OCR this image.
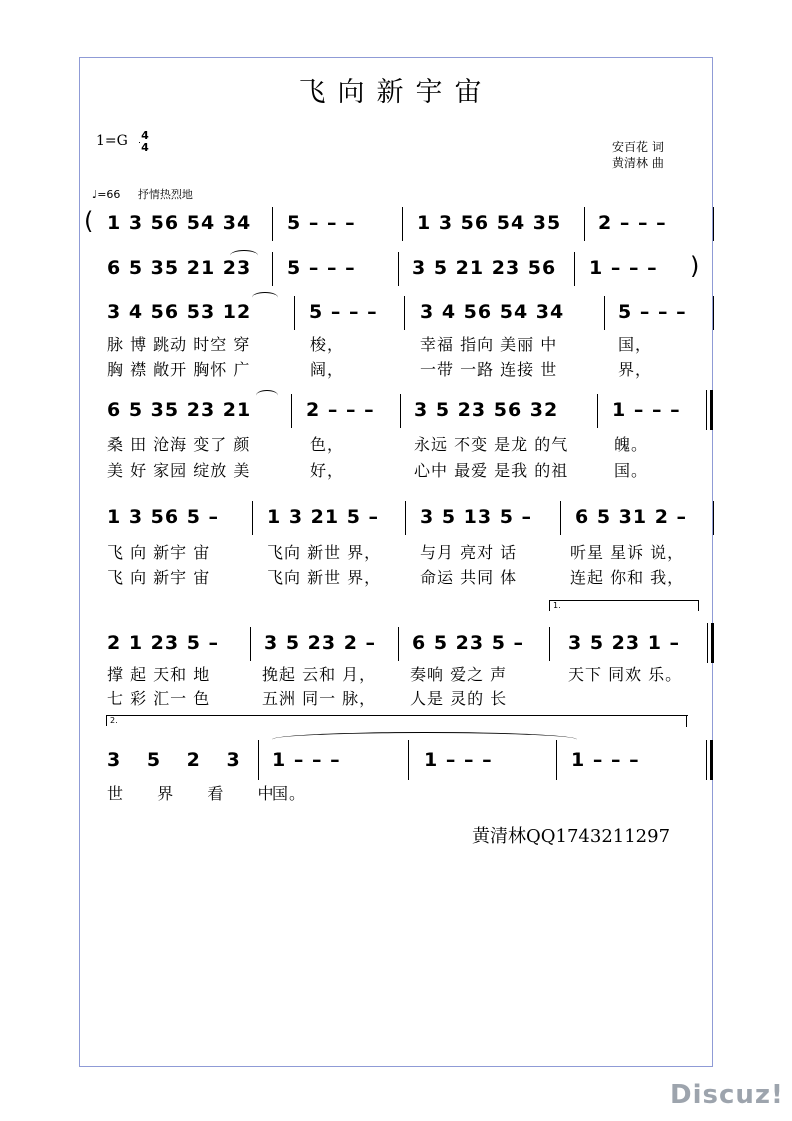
飞向新宇宙
1=G 4
4	安百花 词
黄清林 曲
♩=66 抒情热烈地
( 1 3 56 54 34 5 – – –	1 3 56 54 35 2 – – –
6 5 35 21 23 5 – – –	3 5 21 23 56 1 – – – )
3 4 56 53 12	5 – – – 3 4 56 54 34	5 – – –
脉 博 跳动 时空 穿	梭，	幸福 指向 美丽 中	国，
胸 襟 敞开 胸怀 广	阔，	一带 一路 连接 世	界，
6 5 35 23 21	2 – – – 3 5 23 56 32	1 – – –
桑 田 沧海 变了 颜	色，	永远 不变 是龙 的气	魄。
美 好 家园 绽放 美	好，	心中 最爱 是我 的祖	国。
1 3 56 5 –	1 3 21 5 – 3 5 13 5 – 6 5 31 2 –
飞 向 新宇 宙	飞向 新世 界， 与月 亮对 话	听星 星诉 说，
飞 向 新宇 宙	飞向 新世 界， 命运 共同 体	连起 你和 我，
1.
2 1 23 5 – 3 5 23 2 – 6 5 23 5 – 3 5 23 1 –
撑 起 天和 地	挽起 云和 月， 奏响 爱之 声	天下 同欢 乐。
七 彩 汇一 色	五洲 同一 脉， 人是 灵的 长
2.
3 5 2 3 1 – – –	1 – – –	1 – – –
世  界  看  中
国。
黄清林QQ1743211297
Discuz!
